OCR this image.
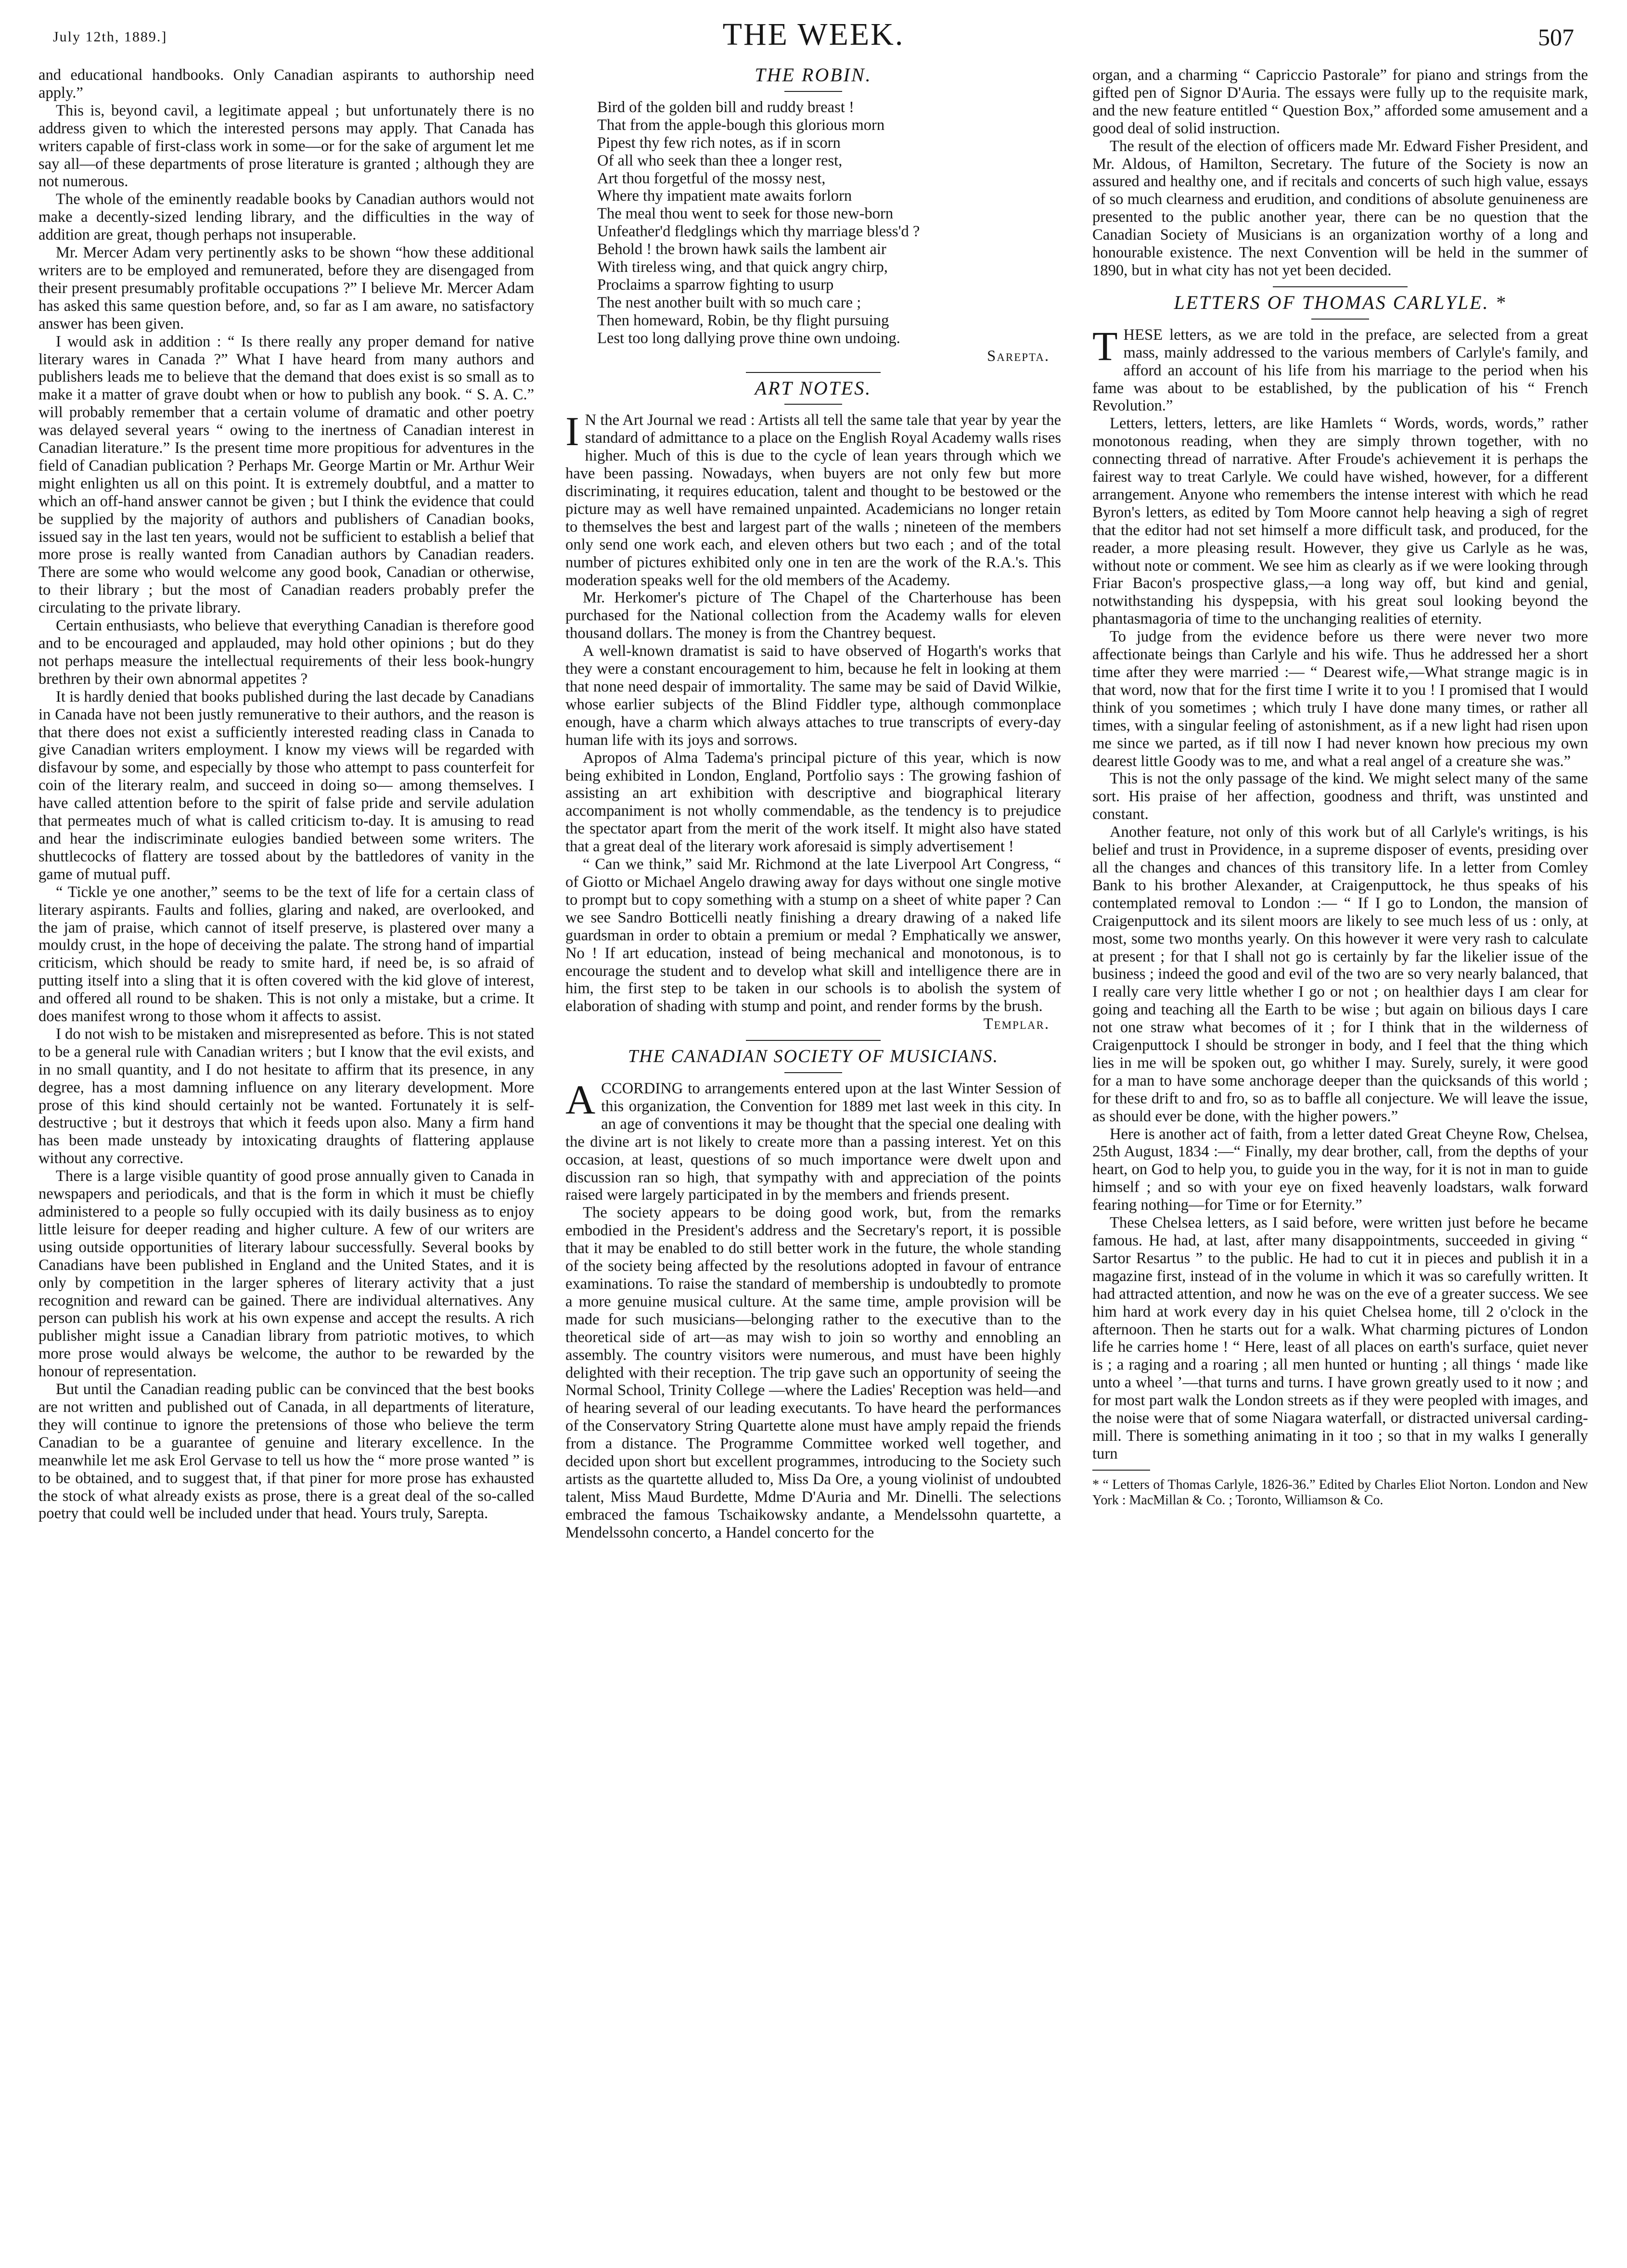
July 12th, 1889.]	THE WEEK.	507

and educational handbooks. Only Canadian aspirants to authorship need apply.”

This is, beyond cavil, a legitimate appeal ; but unfortunately there is no address given to which the interested persons may apply. That Canada has writers capable of first-class work in some—or for the sake of argument let me say all—of these departments of prose literature is granted ; although they are not numerous.

The whole of the eminently readable books by Canadian authors would not make a decently-sized lending library, and the difficulties in the way of addition are great, though perhaps not insuperable.

Mr. Mercer Adam very pertinently asks to be shown “how these additional writers are to be employed and remunerated, before they are disengaged from their present presumably profitable occupations ?” I believe Mr. Mercer Adam has asked this same question before, and, so far as I am aware, no satisfactory answer has been given.

I would ask in addition : “ Is there really any proper demand for native literary wares in Canada ?” What I have heard from many authors and publishers leads me to believe that the demand that does exist is so small as to make it a matter of grave doubt when or how to publish any book. “ S. A. C.” will probably remember that a certain volume of dramatic and other poetry was delayed several years “ owing to the inertness of Canadian interest in Canadian literature.” Is the present time more propitious for adventures in the field of Canadian publication ? Perhaps Mr. George Martin or Mr. Arthur Weir might enlighten us all on this point. It is extremely doubtful, and a matter to which an off-hand answer cannot be given ; but I think the evidence that could be supplied by the majority of authors and publishers of Canadian books, issued say in the last ten years, would not be sufficient to establish a belief that more prose is really wanted from Canadian authors by Canadian readers. There are some who would welcome any good book, Canadian or otherwise, to their library ; but the most of Canadian readers probably prefer the circulating to the private library.

Certain enthusiasts, who believe that everything Canadian is therefore good and to be encouraged and applauded, may hold other opinions ; but do they not perhaps measure the intellectual requirements of their less book-hungry brethren by their own abnormal appetites ?

It is hardly denied that books published during the last decade by Canadians in Canada have not been justly remunerative to their authors, and the reason is that there does not exist a sufficiently interested reading class in Canada to give Canadian writers employment. I know my views will be regarded with disfavour by some, and especially by those who attempt to pass counterfeit for coin of the literary realm, and succeed in doing so— among themselves. I have called attention before to the spirit of false pride and servile adulation that permeates much of what is called criticism to-day. It is amusing to read and hear the indiscriminate eulogies bandied between some writers. The shuttlecocks of flattery are tossed about by the battledores of vanity in the game of mutual puff.

“ Tickle ye one another,” seems to be the text of life for a certain class of literary aspirants. Faults and follies, glaring and naked, are overlooked, and the jam of praise, which cannot of itself preserve, is plastered over many a mouldy crust, in the hope of deceiving the palate. The strong hand of impartial criticism, which should be ready to smite hard, if need be, is so afraid of putting itself into a sling that it is often covered with the kid glove of interest, and offered all round to be shaken. This is not only a mistake, but a crime. It does manifest wrong to those whom it affects to assist.

I do not wish to be mistaken and misrepresented as before. This is not stated to be a general rule with Canadian writers ; but I know that the evil exists, and in no small quantity, and I do not hesitate to affirm that its presence, in any degree, has a most damning influence on any literary development. More prose of this kind should certainly not be wanted. Fortunately it is self-destructive ; but it destroys that which it feeds upon also. Many a firm hand has been made unsteady by intoxicating draughts of flattering applause without any corrective.

There is a large visible quantity of good prose annually given to Canada in newspapers and periodicals, and that is the form in which it must be chiefly administered to a people so fully occupied with its daily business as to enjoy little leisure for deeper reading and higher culture. A few of our writers are using outside opportunities of literary labour successfully. Several books by Canadians have been published in England and the United States, and it is only by competition in the larger spheres of literary activity that a just recognition and reward can be gained. There are individual alternatives. Any person can publish his work at his own expense and accept the results. A rich publisher might issue a Canadian library from patriotic motives, to which more prose would always be welcome, the author to be rewarded by the honour of representation.

But until the Canadian reading public can be convinced that the best books are not written and published out of Canada, in all departments of literature, they will continue to ignore the pretensions of those who believe the term Canadian to be a guarantee of genuine and literary excellence. In the meanwhile let me ask Erol Gervase to tell us how the “ more prose wanted ” is to be obtained, and to suggest that, if that piner for more prose has exhausted the stock of what already exists as prose, there is a great deal of the so-called poetry that could well be included under that head. Yours truly, Sarepta.

THE ROBIN.
Bird of the golden bill and ruddy breast !
That from the apple-bough this glorious morn
Pipest thy few rich notes, as if in scorn
Of all who seek than thee a longer rest,
Art thou forgetful of the mossy nest,
Where thy impatient mate awaits forlorn
The meal thou went to seek for those new-born
Unfeather'd fledglings which thy marriage bless'd ?
Behold ! the brown hawk sails the lambent air
With tireless wing, and that quick angry chirp,
Proclaims a sparrow fighting to usurp
The nest another built with so much care ;
Then homeward, Robin, be thy flight pursuing
Lest too long dallying prove thine own undoing.
Sarepta.
ART NOTES.

I N the Art Journal we read : Artists all tell the same tale that year by year the standard of admittance to a place on the English Royal Academy walls rises higher. Much of this is due to the cycle of lean years through which we have been passing. Nowadays, when buyers are not only few but more discriminating, it requires education, talent and thought to be bestowed or the picture may as well have remained unpainted. Academicians no longer retain to themselves the best and largest part of the walls ; nineteen of the members only send one work each, and eleven others but two each ; and of the total number of pictures exhibited only one in ten are the work of the R.A.'s. This moderation speaks well for the old members of the Academy.

Mr. Herkomer's picture of The Chapel of the Charterhouse has been purchased for the National collection from the Academy walls for eleven thousand dollars. The money is from the Chantrey bequest.

A well-known dramatist is said to have observed of Hogarth's works that they were a constant encouragement to him, because he felt in looking at them that none need despair of immortality. The same may be said of David Wilkie, whose earlier subjects of the Blind Fiddler type, although commonplace enough, have a charm which always attaches to true transcripts of every-day human life with its joys and sorrows.

Apropos of Alma Tadema's principal picture of this year, which is now being exhibited in London, England, Portfolio says : The growing fashion of assisting an art exhibition with descriptive and biographical literary accompaniment is not wholly commendable, as the tendency is to prejudice the spectator apart from the merit of the work itself. It might also have stated that a great deal of the literary work aforesaid is simply advertisement !

“ Can we think,” said Mr. Richmond at the late Liverpool Art Congress, “ of Giotto or Michael Angelo drawing away for days without one single motive to prompt but to copy something with a stump on a sheet of white paper ? Can we see Sandro Botticelli neatly finishing a dreary drawing of a naked life guardsman in order to obtain a premium or medal ? Emphatically we answer, No ! If art education, instead of being mechanical and monotonous, is to encourage the student and to develop what skill and intelligence there are in him, the first step to be taken in our schools is to abolish the system of elaboration of shading with stump and point, and render forms by the brush.

Templar.
THE CANADIAN SOCIETY OF MUSICIANS.

ACCORDING to arrangements entered upon at the last Winter Session of this organization, the Convention for 1889 met last week in this city. In an age of conventions it may be thought that the special one dealing with the divine art is not likely to create more than a passing interest. Yet on this occasion, at least, questions of so much importance were dwelt upon and discussion ran so high, that sympathy with and appreciation of the points raised were largely participated in by the members and friends present.

The society appears to be doing good work, but, from the remarks embodied in the President's address and the Secretary's report, it is possible that it may be enabled to do still better work in the future, the whole standing of the society being affected by the resolutions adopted in favour of entrance examinations. To raise the standard of membership is undoubtedly to promote a more genuine musical culture. At the same time, ample provision will be made for such musicians—belonging rather to the executive than to the theoretical side of art—as may wish to join so worthy and ennobling an assembly. The country visitors were numerous, and must have been highly delighted with their reception. The trip gave such an opportunity of seeing the Normal School, Trinity College —where the Ladies' Reception was held—and of hearing several of our leading executants. To have heard the performances of the Conservatory String Quartette alone must have amply repaid the friends from a distance. The Programme Committee worked well together, and decided upon short but excellent programmes, introducing to the Society such artists as the quartette alluded to, Miss Da Ore, a young violinist of undoubted talent, Miss Maud Burdette, Mdme D'Auria and Mr. Dinelli. The selections embraced the famous Tschaikowsky andante, a Mendelssohn quartette, a Mendelssohn concerto, a Handel concerto for the

organ, and a charming “ Capriccio Pastorale” for piano and strings from the gifted pen of Signor D'Auria. The essays were fully up to the requisite mark, and the new feature entitled “ Question Box,” afforded some amusement and a good deal of solid instruction.

The result of the election of officers made Mr. Edward Fisher President, and Mr. Aldous, of Hamilton, Secretary. The future of the Society is now an assured and healthy one, and if recitals and concerts of such high value, essays of so much clearness and erudition, and conditions of absolute genuineness are presented to the public another year, there can be no question that the Canadian Society of Musicians is an organization worthy of a long and honourable existence. The next Convention will be held in the summer of 1890, but in what city has not yet been decided.

LETTERS OF THOMAS CARLYLE. *

THESE letters, as we are told in the preface, are selected from a great mass, mainly addressed to the various members of Carlyle's family, and afford an account of his life from his marriage to the period when his fame was about to be established, by the publication of his “ French Revolution.”

Letters, letters, letters, are like Hamlets “ Words, words, words,” rather monotonous reading, when they are simply thrown together, with no connecting thread of narrative. After Froude's achievement it is perhaps the fairest way to treat Carlyle. We could have wished, however, for a different arrangement. Anyone who remembers the intense interest with which he read Byron's letters, as edited by Tom Moore cannot help heaving a sigh of regret that the editor had not set himself a more difficult task, and produced, for the reader, a more pleasing result. However, they give us Carlyle as he was, without note or comment. We see him as clearly as if we were looking through Friar Bacon's prospective glass,—a long way off, but kind and genial, notwithstanding his dyspepsia, with his great soul looking beyond the phantasmagoria of time to the unchanging realities of eternity.

To judge from the evidence before us there were never two more affectionate beings than Carlyle and his wife. Thus he addressed her a short time after they were married :— “ Dearest wife,—What strange magic is in that word, now that for the first time I write it to you ! I promised that I would think of you sometimes ; which truly I have done many times, or rather all times, with a singular feeling of astonishment, as if a new light had risen upon me since we parted, as if till now I had never known how precious my own dearest little Goody was to me, and what a real angel of a creature she was.”

This is not the only passage of the kind. We might select many of the same sort. His praise of her affection, goodness and thrift, was unstinted and constant.

Another feature, not only of this work but of all Carlyle's writings, is his belief and trust in Providence, in a supreme disposer of events, presiding over all the changes and chances of this transitory life. In a letter from Comley Bank to his brother Alexander, at Craigenputtock, he thus speaks of his contemplated removal to London :— “ If I go to London, the mansion of Craigenputtock and its silent moors are likely to see much less of us : only, at most, some two months yearly. On this however it were very rash to calculate at present ; for that I shall not go is certainly by far the likelier issue of the business ; indeed the good and evil of the two are so very nearly balanced, that I really care very little whether I go or not ; on healthier days I am clear for going and teaching all the Earth to be wise ; but again on bilious days I care not one straw what becomes of it ; for I think that in the wilderness of Craigenputtock I should be stronger in body, and I feel that the thing which lies in me will be spoken out, go whither I may. Surely, surely, it were good for a man to have some anchorage deeper than the quicksands of this world ; for these drift to and fro, so as to baffle all conjecture. We will leave the issue, as should ever be done, with the higher powers.”

Here is another act of faith, from a letter dated Great Cheyne Row, Chelsea, 25th August, 1834 :—“ Finally, my dear brother, call, from the depths of your heart, on God to help you, to guide you in the way, for it is not in man to guide himself ; and so with your eye on fixed heavenly loadstars, walk forward fearing nothing—for Time or for Eternity.”

These Chelsea letters, as I said before, were written just before he became famous. He had, at last, after many disappointments, succeeded in giving “ Sartor Resartus ” to the public. He had to cut it in pieces and publish it in a magazine first, instead of in the volume in which it was so carefully written. It had attracted attention, and now he was on the eve of a greater success. We see him hard at work every day in his quiet Chelsea home, till 2 o'clock in the afternoon. Then he starts out for a walk. What charming pictures of London life he carries home ! “ Here, least of all places on earth's surface, quiet never is ; a raging and a roaring ; all men hunted or hunting ; all things ‘ made like unto a wheel ’—that turns and turns. I have grown greatly used to it now ; and for most part walk the London streets as if they were peopled with images, and the noise were that of some Niagara waterfall, or distracted universal carding-mill. There is something animating in it too ; so that in my walks I generally turn

* “ Letters of Thomas Carlyle, 1826-36.” Edited by Charles Eliot Norton. London and New York : MacMillan & Co. ; Toronto, Williamson & Co.
